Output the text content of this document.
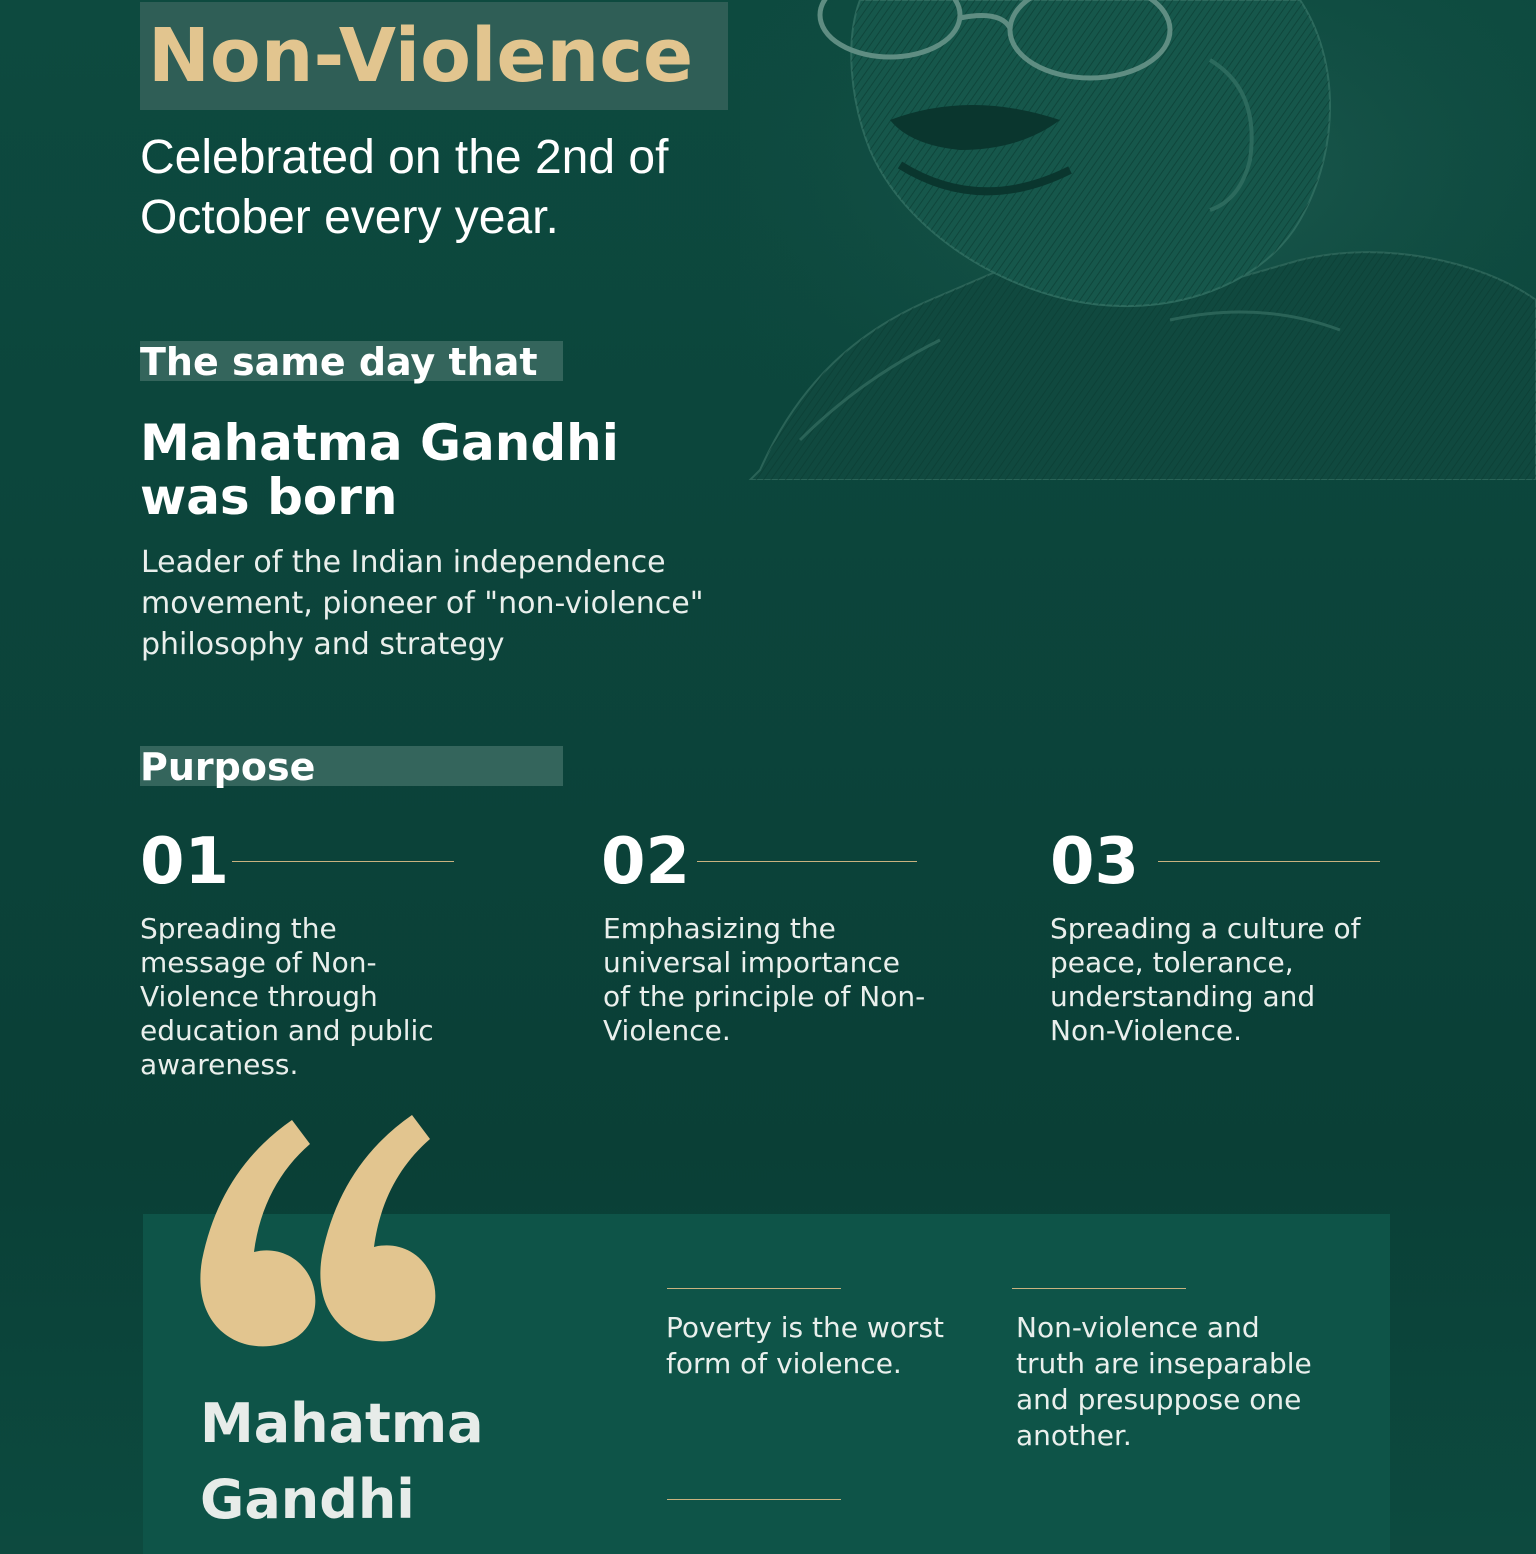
Non-Violence
Celebrated on the 2nd of October every year.
The same day that
Mahatma Gandhi was born
Leader of the Indian independence movement, pioneer of "non-violence" philosophy and strategy
Purpose
01
Spreading the message of Non-Violence through education and public awareness.
02
Emphasizing the universal importance of the principle of Non-Violence.
03
Spreading a culture of peace, tolerance, understanding and Non-Violence.
Mahatma Gandhi
Poverty is the worst form of violence.
Non-violence and truth are inseparable and presuppose one another.
